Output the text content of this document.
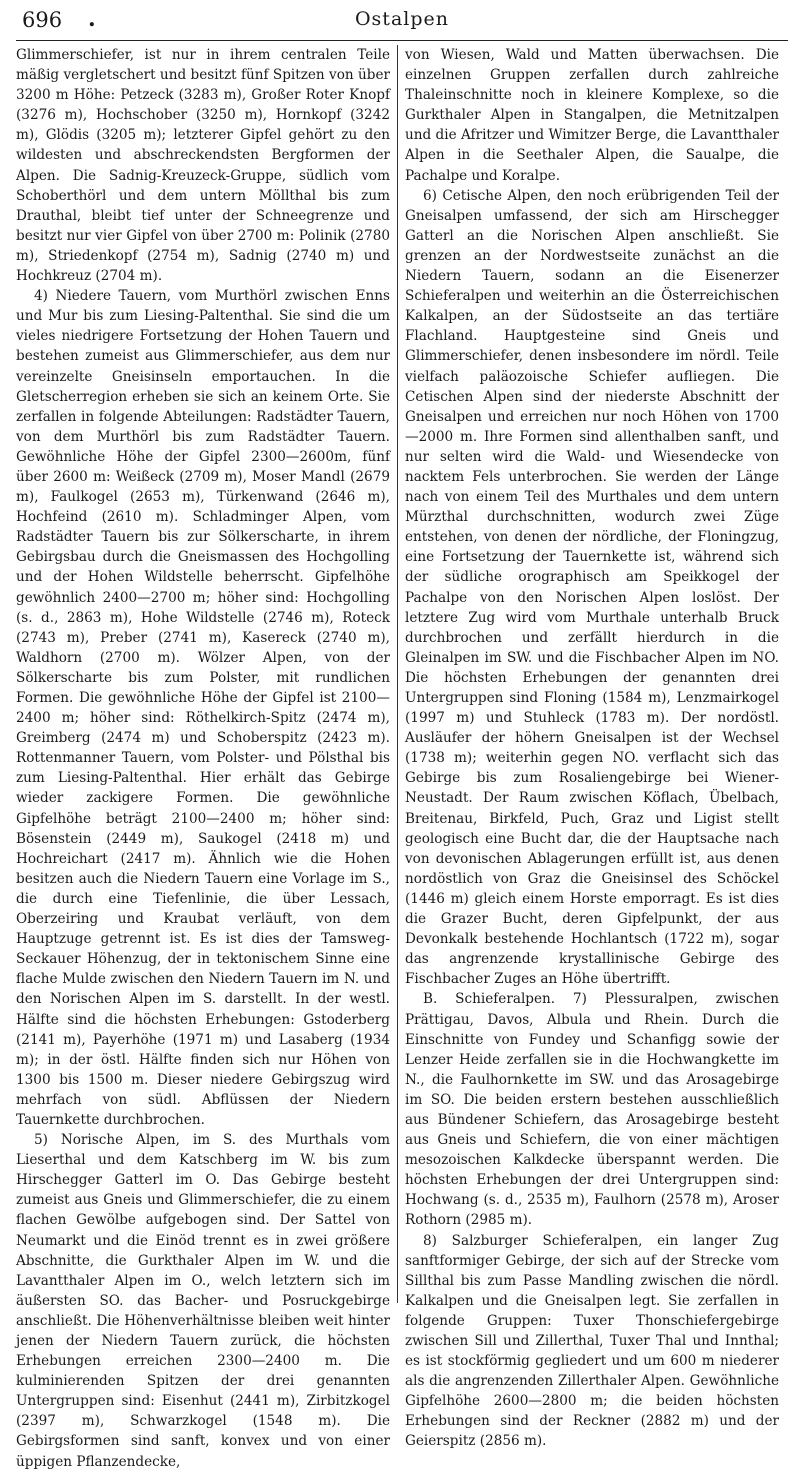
696 .	Ostalpen

Glimmerschiefer, ist nur in ihrem centralen Teile mäßig vergletschert und besitzt fünf Spitzen von über 3200 m Höhe: Petzeck (3283 m), Großer Roter Knopf (3276 m), Hochschober (3250 m), Hornkopf (3242 m), Glödis (3205 m); letzterer Gipfel gehört zu den wildesten und abschreckendsten Bergformen der Alpen. Die Sadnig-Kreuzeck-Gruppe, südlich vom Schoberthörl und dem untern Möllthal bis zum Drauthal, bleibt tief unter der Schneegrenze und besitzt nur vier Gipfel von über 2700 m: Polinik (2780 m), Striedenkopf (2754 m), Sadnig (2740 m) und Hochkreuz (2704 m).

4) Niedere Tauern, vom Murthörl zwischen Enns und Mur bis zum Liesing-Paltenthal. Sie sind die um vieles niedrigere Fortsetzung der Hohen Tauern und bestehen zumeist aus Glimmerschiefer, aus dem nur vereinzelte Gneisinseln emportauchen. In die Gletscherregion erheben sie sich an keinem Orte. Sie zerfallen in folgende Abteilungen: Radstädter Tauern, von dem Murthörl bis zum Radstädter Tauern. Gewöhnliche Höhe der Gipfel 2300—2600m, fünf über 2600 m: Weißeck (2709 m), Moser Mandl (2679 m), Faulkogel (2653 m), Türkenwand (2646 m), Hochfeind (2610 m). Schladminger Alpen, vom Radstädter Tauern bis zur Sölkerscharte, in ihrem Gebirgsbau durch die Gneismassen des Hochgolling und der Hohen Wildstelle beherrscht. Gipfelhöhe gewöhnlich 2400—2700 m; höher sind: Hochgolling (s. d., 2863 m), Hohe Wildstelle (2746 m), Roteck (2743 m), Preber (2741 m), Kasereck (2740 m), Waldhorn (2700 m). Wölzer Alpen, von der Sölkerscharte bis zum Polster, mit rundlichen Formen. Die gewöhnliche Höhe der Gipfel ist 2100—2400 m; höher sind: Röthelkirch-Spitz (2474 m), Greimberg (2474 m) und Schoberspitz (2423 m). Rottenmanner Tauern, vom Polster- und Pölsthal bis zum Liesing-Paltenthal. Hier erhält das Gebirge wieder zackigere Formen. Die gewöhnliche Gipfelhöhe beträgt 2100—2400 m; höher sind: Bösenstein (2449 m), Saukogel (2418 m) und Hochreichart (2417 m). Ähnlich wie die Hohen besitzen auch die Niedern Tauern eine Vorlage im S., die durch eine Tiefenlinie, die über Lessach, Oberzeiring und Kraubat verläuft, von dem Hauptzuge getrennt ist. Es ist dies der Tamsweg-Seckauer Höhenzug, der in tektonischem Sinne eine flache Mulde zwischen den Niedern Tauern im N. und den Norischen Alpen im S. darstellt. In der westl. Hälfte sind die höchsten Erhebungen: Gstoderberg (2141 m), Payerhöhe (1971 m) und Lasaberg (1934 m); in der östl. Hälfte finden sich nur Höhen von 1300 bis 1500 m. Dieser niedere Gebirgszug wird mehrfach von südl. Abflüssen der Niedern Tauernkette durchbrochen.

5) Norische Alpen, im S. des Murthals vom Lieserthal und dem Katschberg im W. bis zum Hirschegger Gatterl im O. Das Gebirge besteht zumeist aus Gneis und Glimmerschiefer, die zu einem flachen Gewölbe aufgebogen sind. Der Sattel von Neumarkt und die Einöd trennt es in zwei größere Abschnitte, die Gurkthaler Alpen im W. und die Lavantthaler Alpen im O., welch letztern sich im äußersten SO. das Bacher- und Posruckgebirge anschließt. Die Höhenverhältnisse bleiben weit hinter jenen der Niedern Tauern zurück, die höchsten Erhebungen erreichen 2300—2400 m. Die kulminierenden Spitzen der drei genannten Untergruppen sind: Eisenhut (2441 m), Zirbitzkogel (2397 m), Schwarzkogel (1548 m). Die Gebirgsformen sind sanft, konvex und von einer üppigen Pflanzendecke,

von Wiesen, Wald und Matten überwachsen. Die einzelnen Gruppen zerfallen durch zahlreiche Thaleinschnitte noch in kleinere Komplexe, so die Gurkthaler Alpen in Stangalpen, die Metnitzalpen und die Afritzer und Wimitzer Berge, die Lavantthaler Alpen in die Seethaler Alpen, die Saualpe, die Pachalpe und Koralpe.

6) Cetische Alpen, den noch erübrigenden Teil der Gneisalpen umfassend, der sich am Hirschegger Gatterl an die Norischen Alpen anschließt. Sie grenzen an der Nordwestseite zunächst an die Niedern Tauern, sodann an die Eisenerzer Schieferalpen und weiterhin an die Österreichischen Kalkalpen, an der Südostseite an das tertiäre Flachland. Hauptgesteine sind Gneis und Glimmerschiefer, denen insbesondere im nördl. Teile vielfach paläozoische Schiefer aufliegen. Die Cetischen Alpen sind der niederste Abschnitt der Gneisalpen und erreichen nur noch Höhen von 1700—2000 m. Ihre Formen sind allenthalben sanft, und nur selten wird die Wald- und Wiesendecke von nacktem Fels unterbrochen. Sie werden der Länge nach von einem Teil des Murthales und dem untern Mürzthal durchschnitten, wodurch zwei Züge entstehen, von denen der nördliche, der Floningzug, eine Fortsetzung der Tauernkette ist, während sich der südliche orographisch am Speikkogel der Pachalpe von den Norischen Alpen loslöst. Der letztere Zug wird vom Murthale unterhalb Bruck durchbrochen und zerfällt hierdurch in die Gleinalpen im SW. und die Fischbacher Alpen im NO. Die höchsten Erhebungen der genannten drei Untergruppen sind Floning (1584 m), Lenzmairkogel (1997 m) und Stuhleck (1783 m). Der nordöstl. Ausläufer der höhern Gneisalpen ist der Wechsel (1738 m); weiterhin gegen NO. verflacht sich das Gebirge bis zum Rosaliengebirge bei Wiener-Neustadt. Der Raum zwischen Köflach, Übelbach, Breitenau, Birkfeld, Puch, Graz und Ligist stellt geologisch eine Bucht dar, die der Hauptsache nach von devonischen Ablagerungen erfüllt ist, aus denen nordöstlich von Graz die Gneisinsel des Schöckel (1446 m) gleich einem Horste emporragt. Es ist dies die Grazer Bucht, deren Gipfelpunkt, der aus Devonkalk bestehende Hochlantsch (1722 m), sogar das angrenzende krystallinische Gebirge des Fischbacher Zuges an Höhe übertrifft.

B. Schieferalpen. 7) Plessuralpen, zwischen Prättigau, Davos, Albula und Rhein. Durch die Einschnitte von Fundey und Schanfigg sowie der Lenzer Heide zerfallen sie in die Hochwangkette im N., die Faulhornkette im SW. und das Arosagebirge im SO. Die beiden erstern bestehen ausschließlich aus Bündener Schiefern, das Arosagebirge besteht aus Gneis und Schiefern, die von einer mächtigen mesozoischen Kalkdecke überspannt werden. Die höchsten Erhebungen der drei Untergruppen sind: Hochwang (s. d., 2535 m), Faulhorn (2578 m), Aroser Rothorn (2985 m).

8) Salzburger Schieferalpen, ein langer Zug sanftformiger Gebirge, der sich auf der Strecke vom Sillthal bis zum Passe Mandling zwischen die nördl. Kalkalpen und die Gneisalpen legt. Sie zerfallen in folgende Gruppen: Tuxer Thonschiefergebirge zwischen Sill und Zillerthal, Tuxer Thal und Innthal; es ist stockförmig gegliedert und um 600 m niederer als die angrenzenden Zillerthaler Alpen. Gewöhnliche Gipfelhöhe 2600—2800 m; die beiden höchsten Erhebungen sind der Reckner (2882 m) und der Geierspitz (2856 m).
